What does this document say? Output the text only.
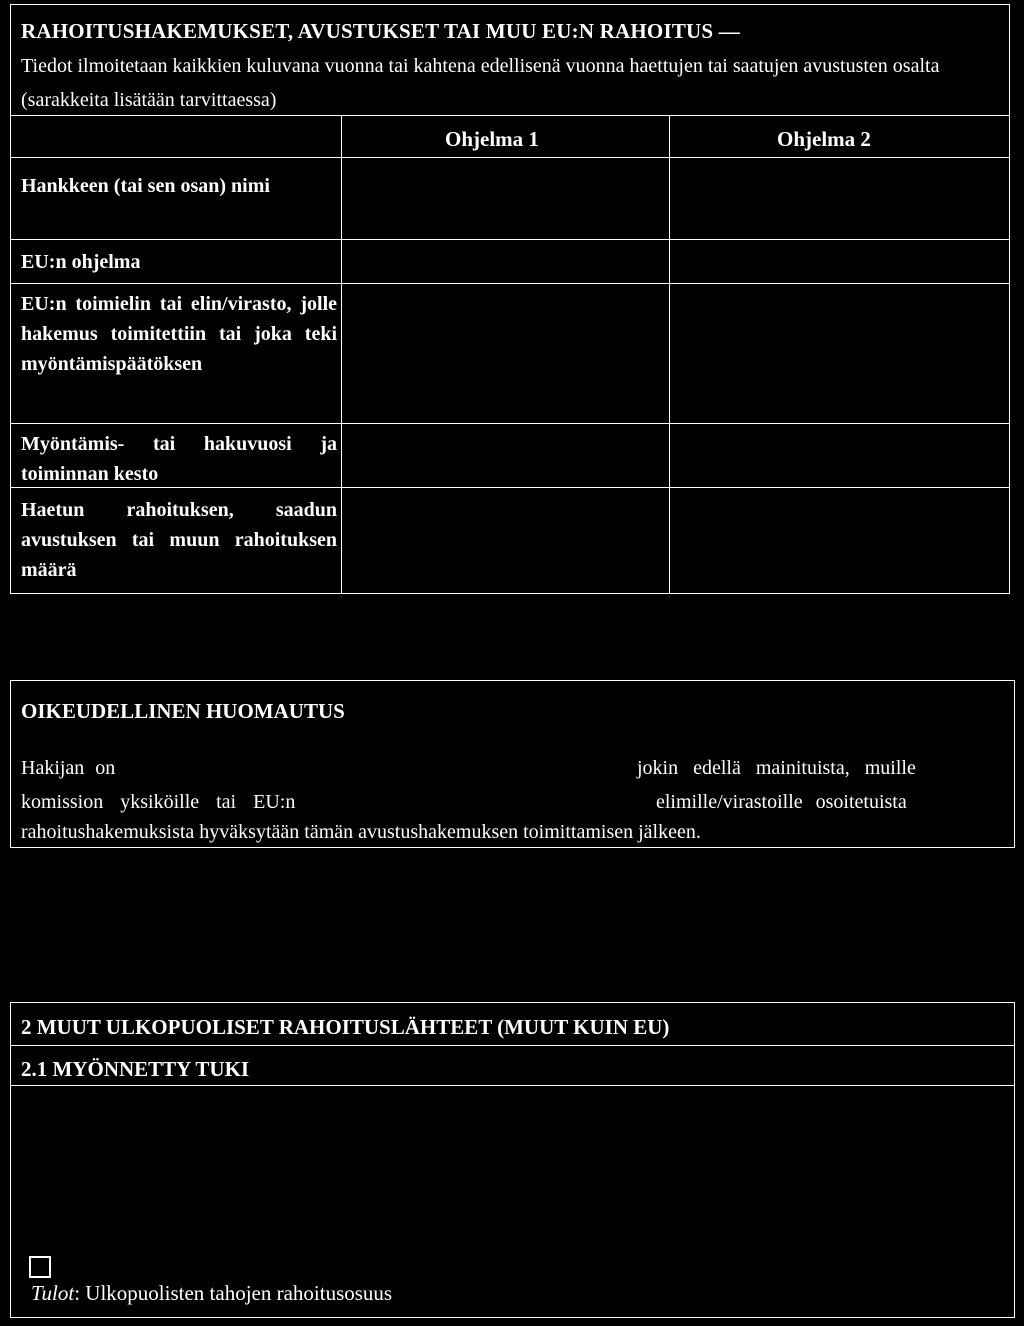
RAHOITUSHAKEMUKSET, AVUSTUKSET TAI MUU EU:N RAHOITUS —
Tiedot ilmoitetaan kaikkien kuluvana vuonna tai kahtena edellisenä vuonna haettujen tai saatujen avustusten osalta (sarakkeita lisätään tarvittaessa)
Ohjelma 1	Ohjelma 2
Hankkeen (tai sen osan) nimi
EU:n ohjelma
EU:n toimielin tai elin/virasto, jolle hakemus toimitettiin tai joka teki myöntämispäätöksen
Myöntämis- tai hakuvuosi ja toiminnan kesto
Haetun rahoituksen, saadun avustuksen tai muun rahoituksen määrä
OIKEUDELLINEN HUOMAUTUS
Hakijan on	jokin edellä mainituista, muille
komission yksiköille tai EU:n	elimille/virastoille osoitetuista
rahoitushakemuksista hyväksytään tämän avustushakemuksen toimittamisen jälkeen.
2 MUUT ULKOPUOLISET RAHOITUSLÄHTEET (MUUT KUIN EU)
2.1 MYÖNNETTY TUKI
Tulot: Ulkopuolisten tahojen rahoitusosuus
